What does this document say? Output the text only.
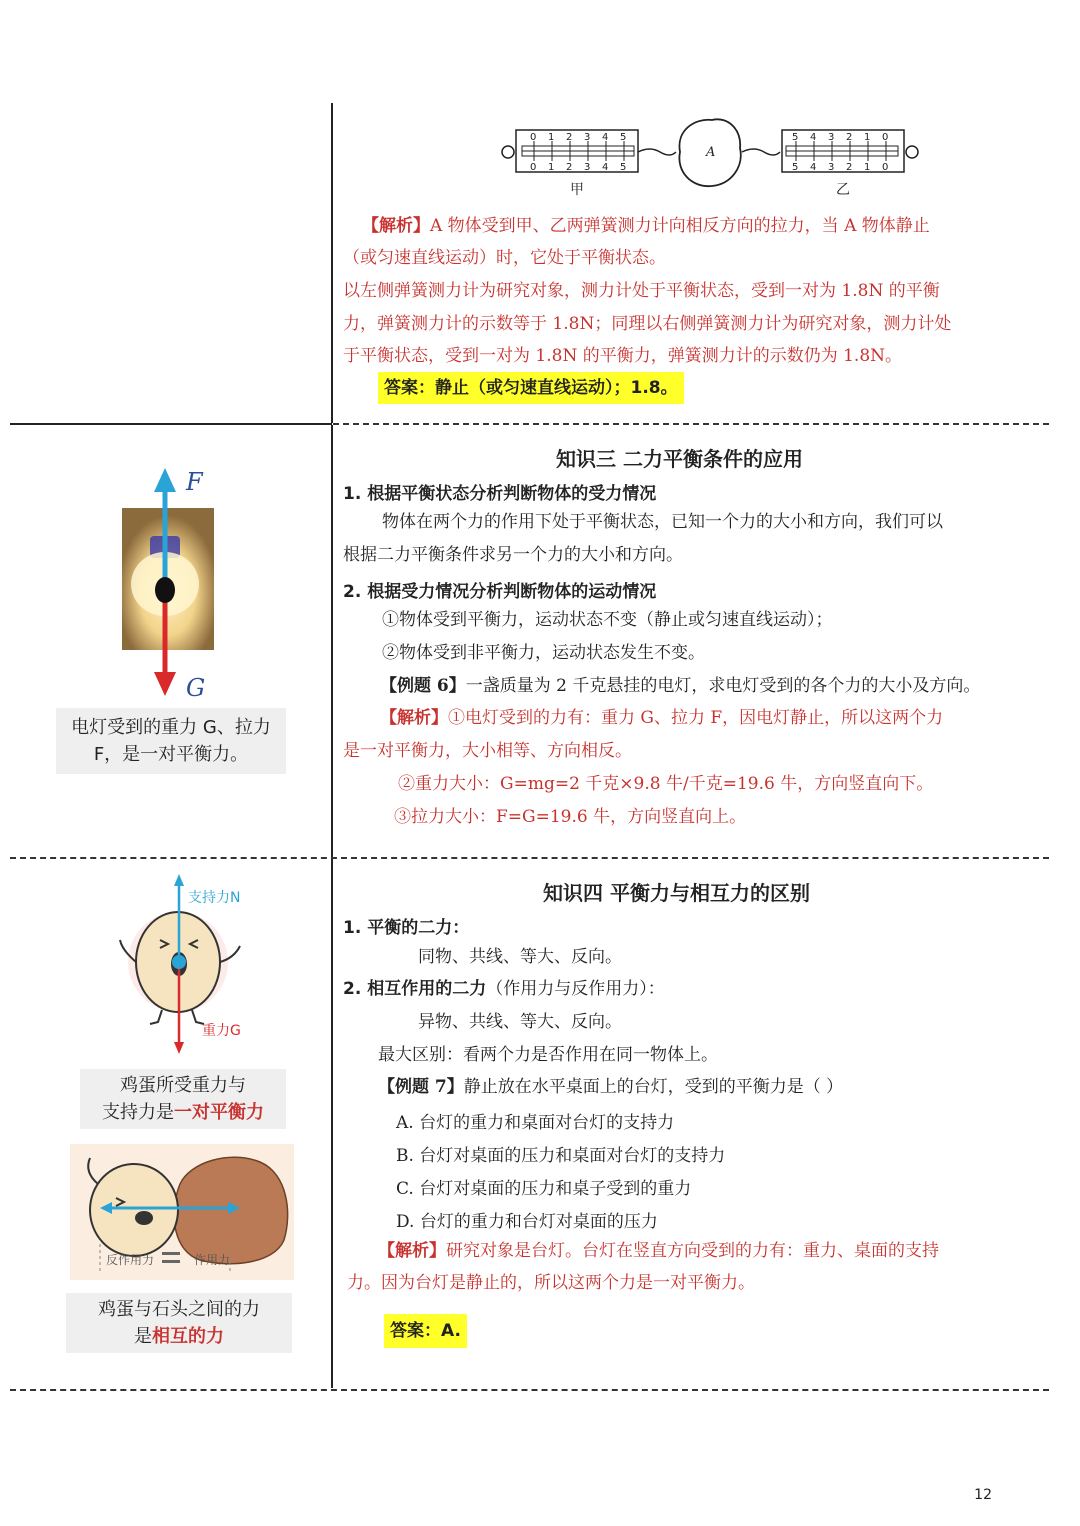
0 1 2 3 4 5
0 1 2 3 4 5
A
5 4 3 2 1 0
5 4 3 2 1 0
甲	乙
【解析】A 物体受到甲、乙两弹簧测力计向相反方向的拉力，当 A 物体静止
（或匀速直线运动）时，它处于平衡状态。
以左侧弹簧测力计为研究对象，测力计处于平衡状态，受到一对为 1.8N 的平衡
力，弹簧测力计的示数等于 1.8N；同理以右侧弹簧测力计为研究对象，测力计处
于平衡状态，受到一对为 1.8N 的平衡力，弹簧测力计的示数仍为 1.8N。
答案：静止（或匀速直线运动）；1.8。
F
G
电灯受到的重力 G、拉力 F，是一对平衡力。
知识三 二力平衡条件的应用
1. 根据平衡状态分析判断物体的受力情况
物体在两个力的作用下处于平衡状态，已知一个力的大小和方向，我们可以
根据二力平衡条件求另一个力的大小和方向。
2. 根据受力情况分析判断物体的运动情况
①物体受到平衡力，运动状态不变（静止或匀速直线运动）；
②物体受到非平衡力，运动状态发生不变。
【例题 6】一盏质量为 2 千克悬挂的电灯，求电灯受到的各个力的大小及方向。
【解析】①电灯受到的力有：重力 G、拉力 F，因电灯静止，所以这两个力
是一对平衡力，大小相等、方向相反。
②重力大小：G=mg=2 千克×9.8 牛/千克=19.6 牛，方向竖直向下。
③拉力大小：F=G=19.6 牛，方向竖直向上。
支持力N
重力G
鸡蛋所受重力与
支持力是一对平衡力
反作用力	作用力
鸡蛋与石头之间的力
是相互的力
知识四 平衡力与相互力的区别
1. 平衡的二力：
同物、共线、等大、反向。
2. 相互作用的二力（作用力与反作用力）：
异物、共线、等大、反向。
最大区别：看两个力是否作用在同一物体上。
【例题 7】静止放在水平桌面上的台灯，受到的平衡力是（ ）
A. 台灯的重力和桌面对台灯的支持力
B. 台灯对桌面的压力和桌面对台灯的支持力
C. 台灯对桌面的压力和桌子受到的重力
D. 台灯的重力和台灯对桌面的压力
【解析】研究对象是台灯。台灯在竖直方向受到的力有：重力、桌面的支持
力。因为台灯是静止的，所以这两个力是一对平衡力。
答案：A.
12
